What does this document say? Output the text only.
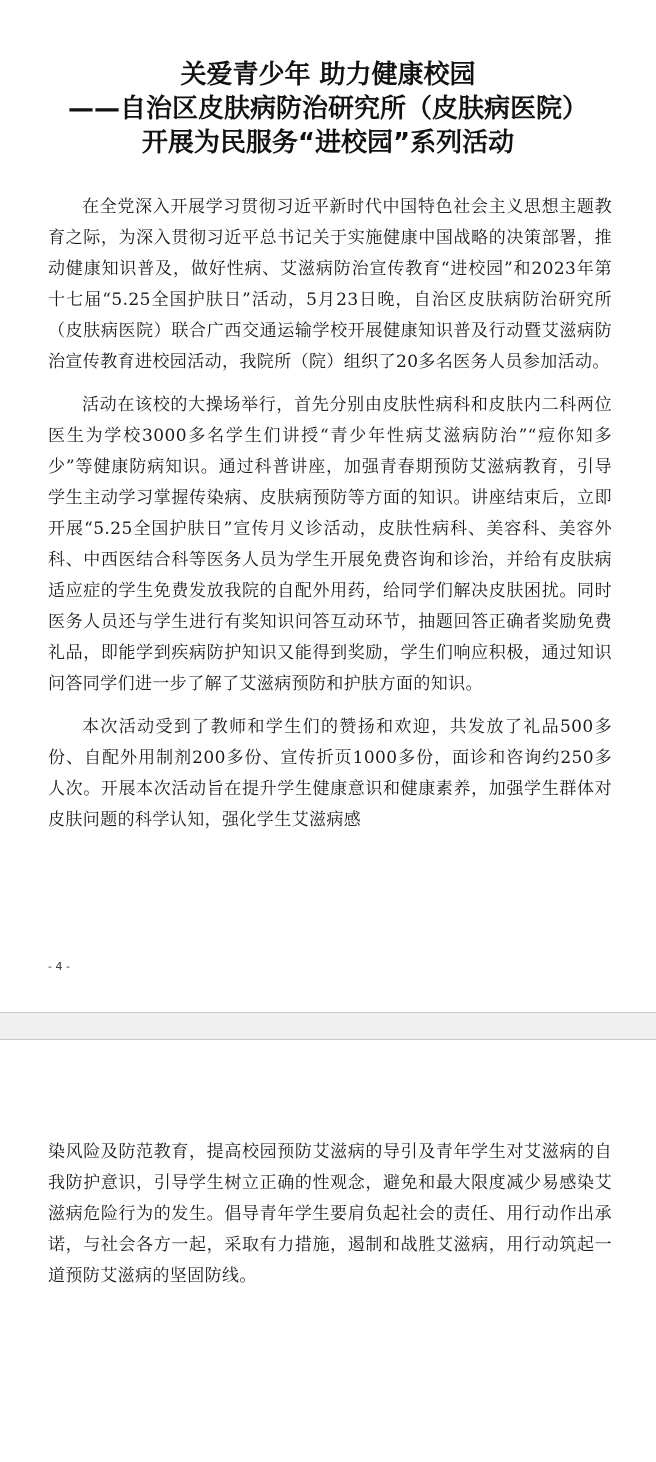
关爱青少年 助力健康校园
——自治区皮肤病防治研究所（皮肤病医院）
开展为民服务“进校园”系列活动

在全党深入开展学习贯彻习近平新时代中国特色社会主义思想主题教育之际，为深入贯彻习近平总书记关于实施健康中国战略的决策部署，推动健康知识普及，做好性病、艾滋病防治宣传教育“进校园”和2023年第十七届“5.25全国护肤日”活动，5月23日晚，自治区皮肤病防治研究所（皮肤病医院）联合广西交通运输学校开展健康知识普及行动暨艾滋病防治宣传教育进校园活动，我院所（院）组织了20多名医务人员参加活动。

活动在该校的大操场举行，首先分别由皮肤性病科和皮肤内二科两位医生为学校3000多名学生们讲授“青少年性病艾滋病防治”“痘你知多少”等健康防病知识。通过科普讲座，加强青春期预防艾滋病教育，引导学生主动学习掌握传染病、皮肤病预防等方面的知识。讲座结束后，立即开展“5.25全国护肤日”宣传月义诊活动，皮肤性病科、美容科、美容外科、中西医结合科等医务人员为学生开展免费咨询和诊治，并给有皮肤病适应症的学生免费发放我院的自配外用药，给同学们解决皮肤困扰。同时医务人员还与学生进行有奖知识问答互动环节，抽题回答正确者奖励免费礼品，即能学到疾病防护知识又能得到奖励，学生们响应积极，通过知识问答同学们进一步了解了艾滋病预防和护肤方面的知识。

本次活动受到了教师和学生们的赞扬和欢迎，共发放了礼品500多份、自配外用制剂200多份、宣传折页1000多份，面诊和咨询约250多人次。开展本次活动旨在提升学生健康意识和健康素养，加强学生群体对皮肤问题的科学认知，强化学生艾滋病感

- 4 -

染风险及防范教育，提高校园预防艾滋病的导引及青年学生对艾滋病的自我防护意识，引导学生树立正确的性观念，避免和最大限度减少易感染艾滋病危险行为的发生。倡导青年学生要肩负起社会的责任、用行动作出承诺，与社会各方一起，采取有力措施，遏制和战胜艾滋病，用行动筑起一道预防艾滋病的坚固防线。
